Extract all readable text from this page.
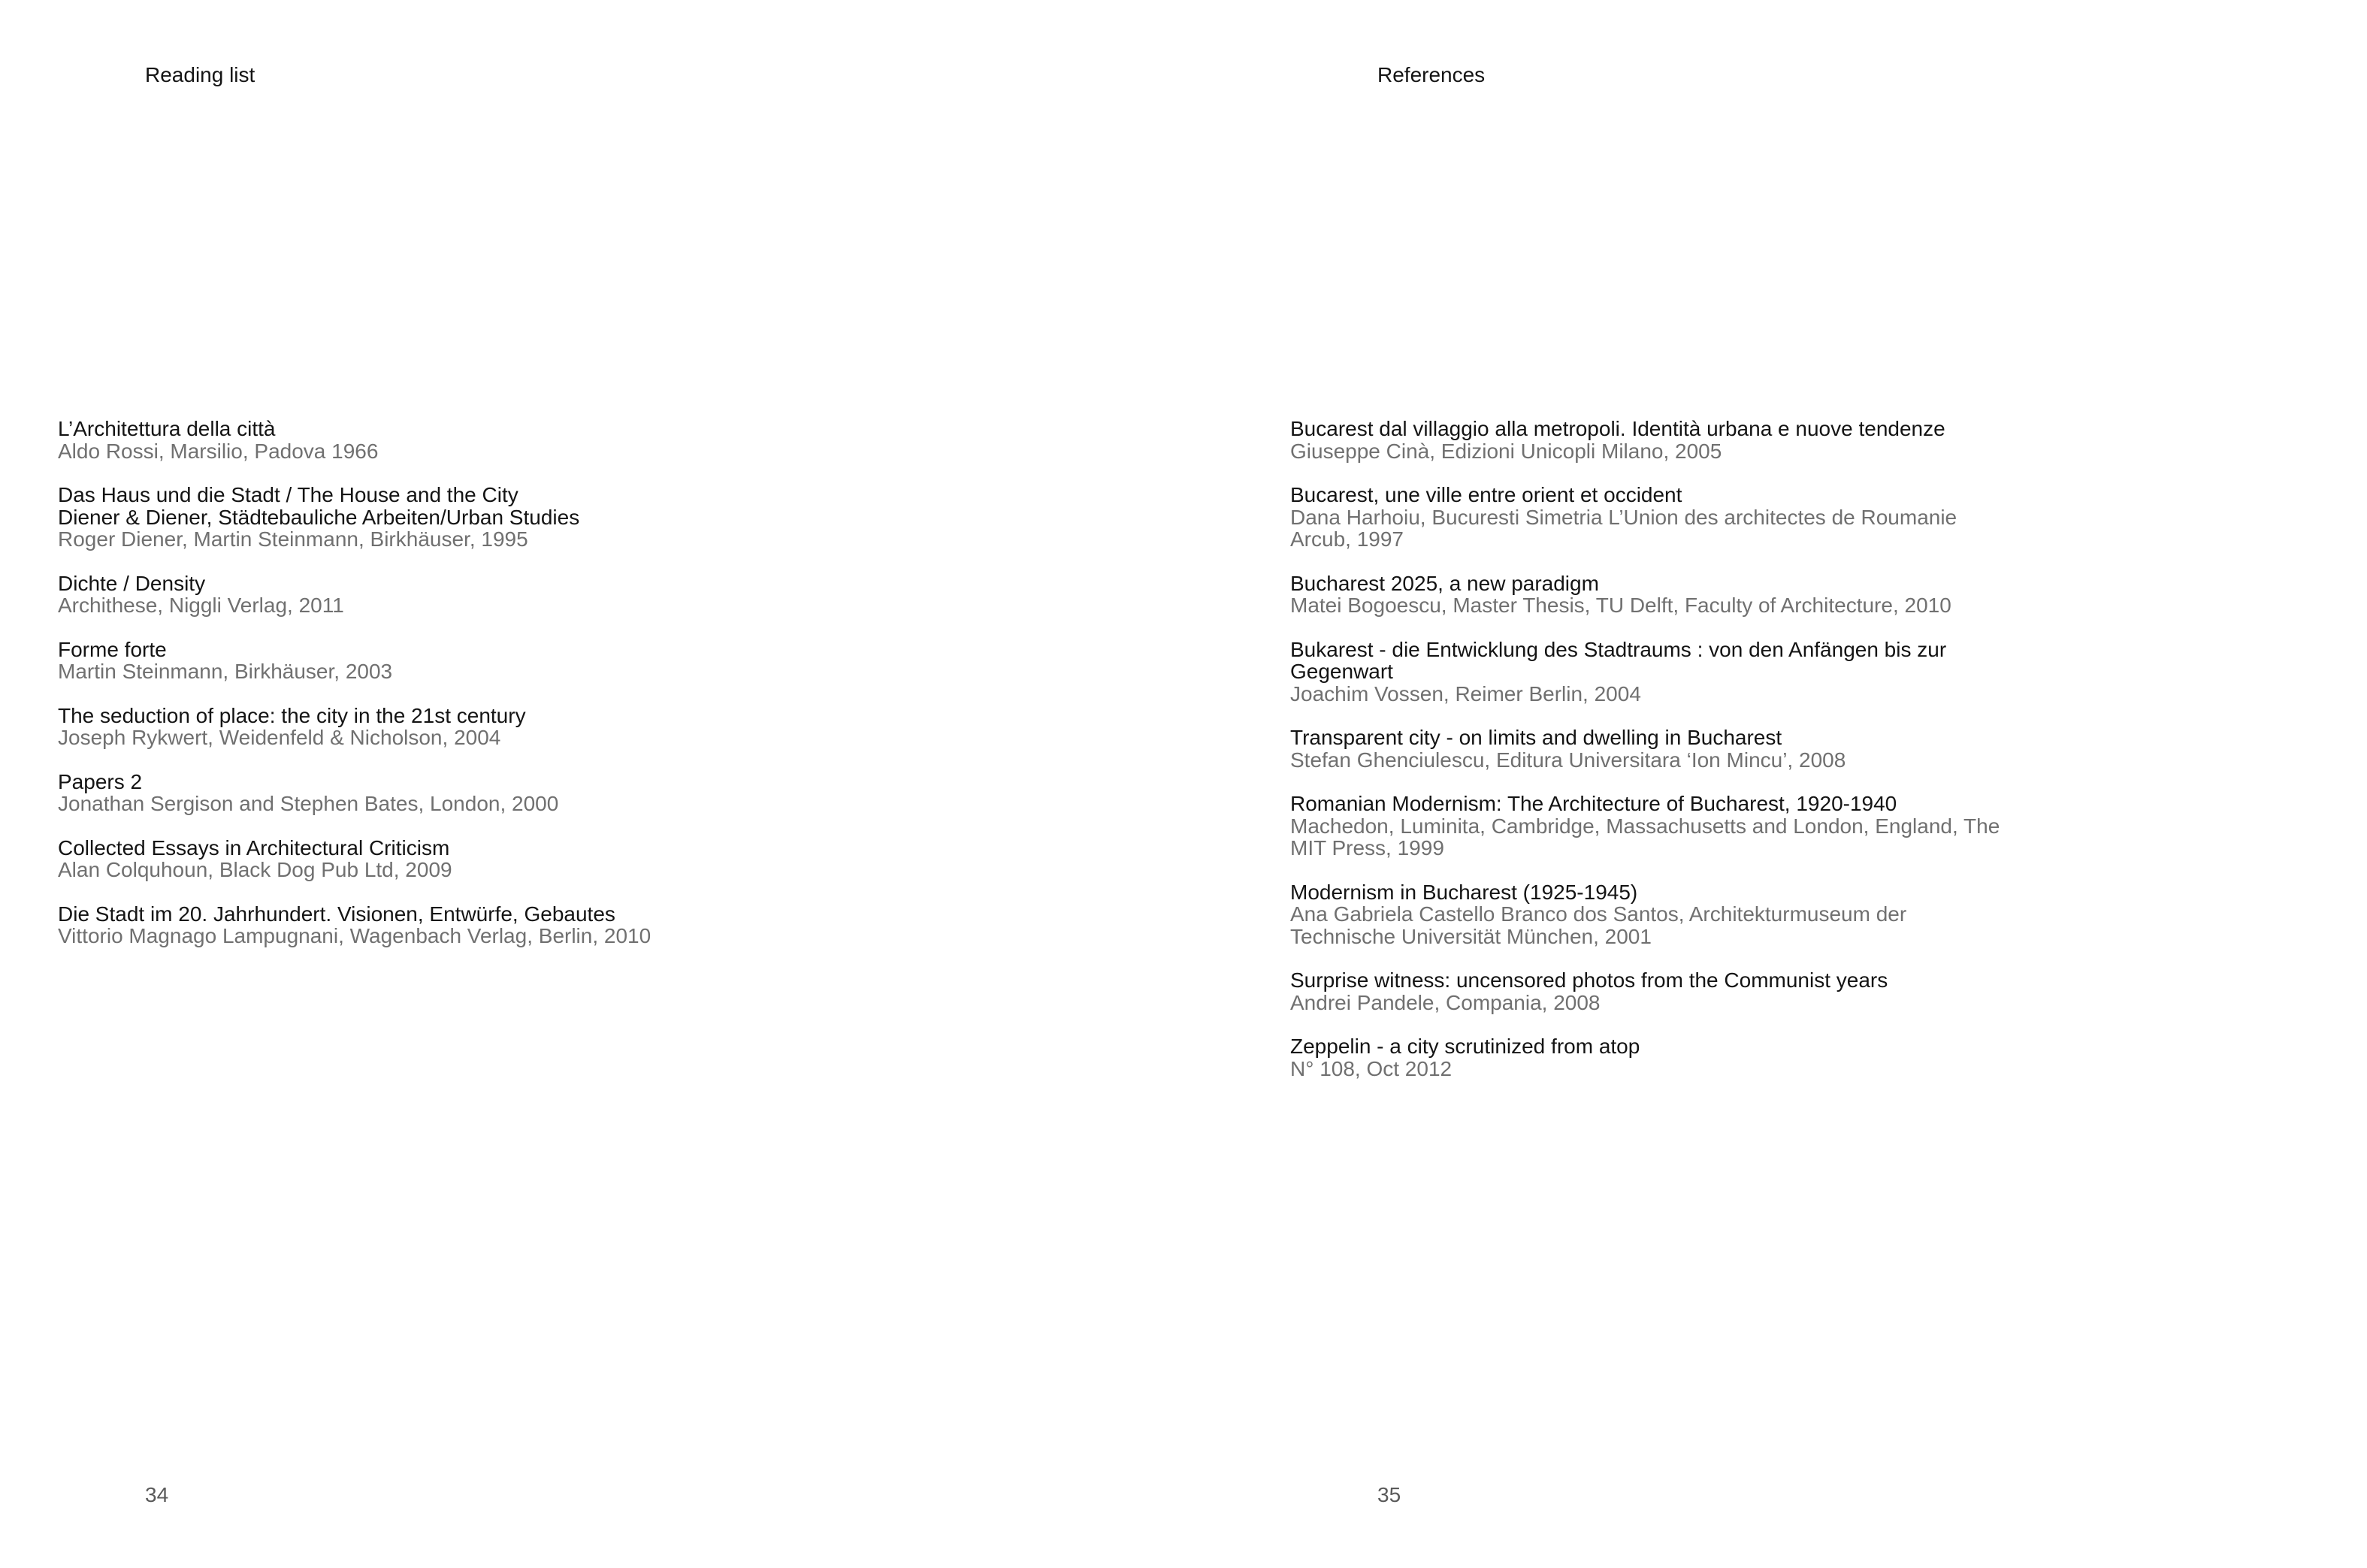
Reading list
L’Architettura della città
Aldo Rossi, Marsilio, Padova 1966
Das Haus und die Stadt / The House and the City
Diener & Diener, Städtebauliche Arbeiten/Urban Studies
Roger Diener, Martin Steinmann, Birkhäuser, 1995
Dichte / Density
Archithese, Niggli Verlag, 2011
Forme forte
Martin Steinmann, Birkhäuser, 2003
The seduction of place: the city in the 21st century
Joseph Rykwert, Weidenfeld & Nicholson, 2004
Papers 2
Jonathan Sergison and Stephen Bates, London, 2000
Collected Essays in Architectural Criticism
Alan Colquhoun, Black Dog Pub Ltd, 2009
Die Stadt im 20. Jahrhundert. Visionen, Entwürfe, Gebautes
Vittorio Magnago Lampugnani, Wagenbach Verlag, Berlin, 2010
34
References
Bucarest dal villaggio alla metropoli. Identità urbana e nuove tendenze
Giuseppe Cinà, Edizioni Unicopli Milano, 2005
Bucarest, une ville entre orient et occident
Dana Harhoiu, Bucuresti Simetria L’Union des architectes de Roumanie
Arcub, 1997
Bucharest 2025, a new paradigm
Matei Bogoescu, Master Thesis, TU Delft, Faculty of Architecture, 2010
Bukarest - die Entwicklung des Stadtraums : von den Anfängen bis zur
Gegenwart
Joachim Vossen, Reimer Berlin, 2004
Transparent city - on limits and dwelling in Bucharest
Stefan Ghenciulescu, Editura Universitara ‘Ion Mincu’, 2008
Romanian Modernism: The Architecture of Bucharest, 1920-1940
Machedon, Luminita, Cambridge, Massachusetts and London, England, The
MIT Press, 1999
Modernism in Bucharest (1925-1945)
Ana Gabriela Castello Branco dos Santos, Architekturmuseum der
Technische Universität München, 2001
Surprise witness: uncensored photos from the Communist years
Andrei Pandele, Compania, 2008
Zeppelin - a city scrutinized from atop
N° 108, Oct 2012
35
